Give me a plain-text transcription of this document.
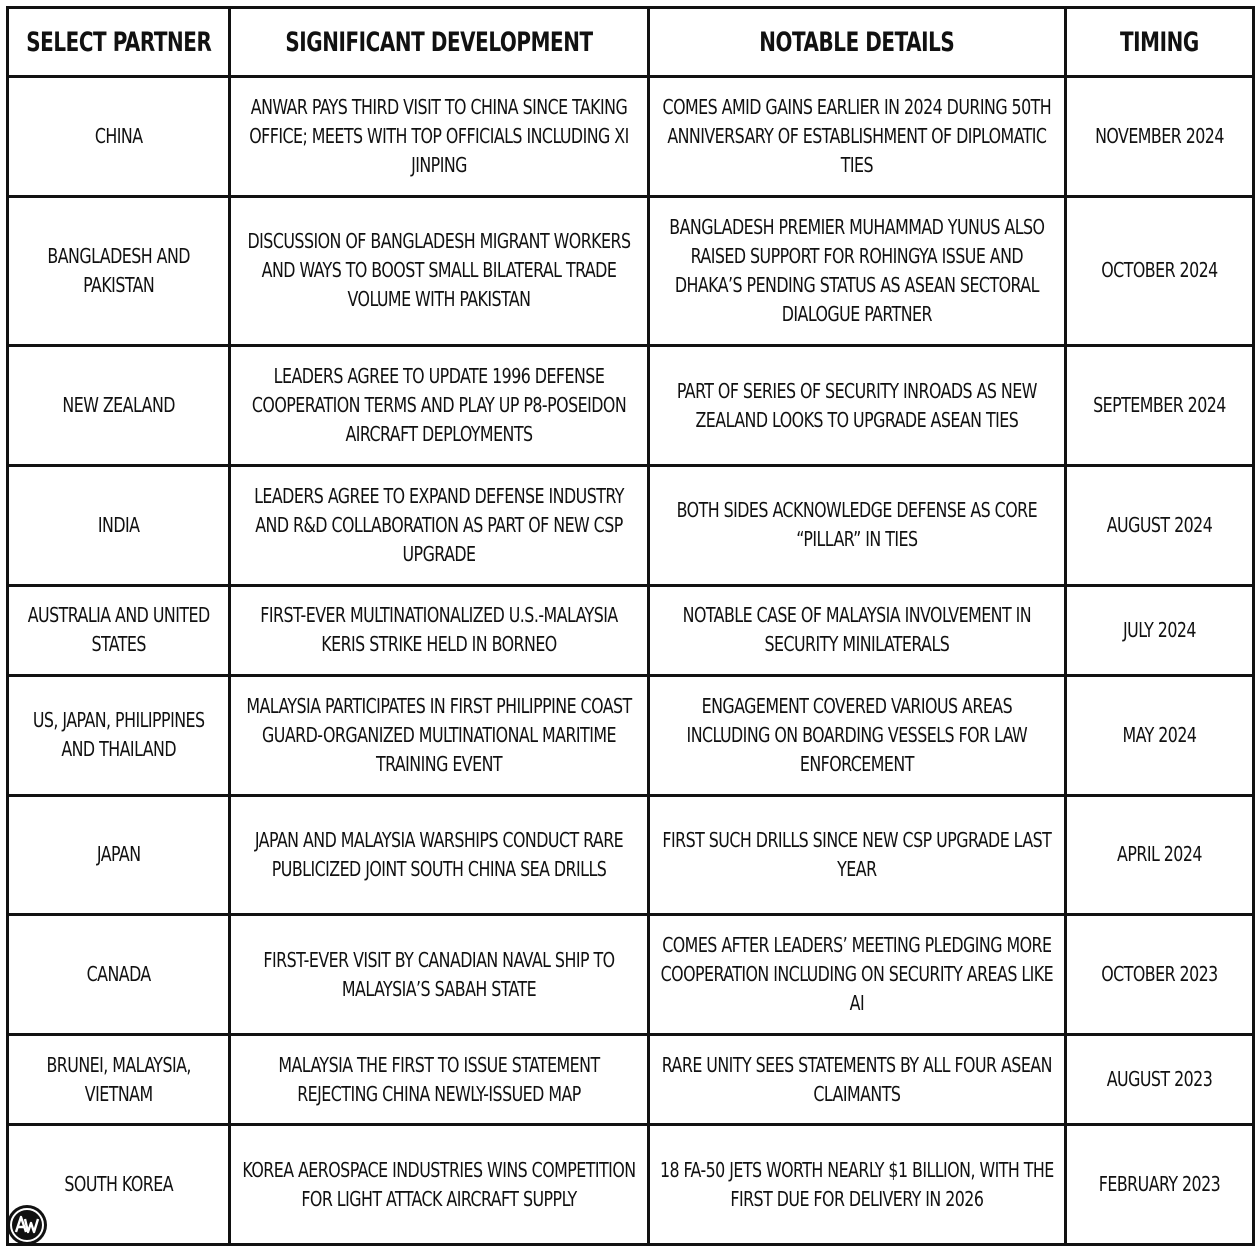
SELECT PARTNER	SIGNIFICANT DEVELOPMENT	NOTABLE DETAILS	TIMING
CHINA	ANWAR PAYS THIRD VISIT TO CHINA SINCE TAKING OFFICE; MEETS WITH TOP OFFICIALS INCLUDING XI JINPING	COMES AMID GAINS EARLIER IN 2024 DURING 50TH ANNIVERSARY OF ESTABLISHMENT OF DIPLOMATIC TIES	NOVEMBER 2024
BANGLADESH AND PAKISTAN	DISCUSSION OF BANGLADESH MIGRANT WORKERS AND WAYS TO BOOST SMALL BILATERAL TRADE VOLUME WITH PAKISTAN	BANGLADESH PREMIER MUHAMMAD YUNUS ALSO RAISED SUPPORT FOR ROHINGYA ISSUE AND DHAKA’S PENDING STATUS AS ASEAN SECTORAL DIALOGUE PARTNER	OCTOBER 2024
NEW ZEALAND	LEADERS AGREE TO UPDATE 1996 DEFENSE COOPERATION TERMS AND PLAY UP P8-POSEIDON AIRCRAFT DEPLOYMENTS	PART OF SERIES OF SECURITY INROADS AS NEW ZEALAND LOOKS TO UPGRADE ASEAN TIES	SEPTEMBER 2024
INDIA	LEADERS AGREE TO EXPAND DEFENSE INDUSTRY AND R&D COLLABORATION AS PART OF NEW CSP UPGRADE	BOTH SIDES ACKNOWLEDGE DEFENSE AS CORE “PILLAR” IN TIES	AUGUST 2024
AUSTRALIA AND UNITED STATES	FIRST-EVER MULTINATIONALIZED U.S.-MALAYSIA KERIS STRIKE HELD IN BORNEO	NOTABLE CASE OF MALAYSIA INVOLVEMENT IN SECURITY MINILATERALS	JULY 2024
US, JAPAN, PHILIPPINES AND THAILAND	MALAYSIA PARTICIPATES IN FIRST PHILIPPINE COAST GUARD-ORGANIZED MULTINATIONAL MARITIME TRAINING EVENT	ENGAGEMENT COVERED VARIOUS AREAS INCLUDING ON BOARDING VESSELS FOR LAW ENFORCEMENT	MAY 2024
JAPAN	JAPAN AND MALAYSIA WARSHIPS CONDUCT RARE PUBLICIZED JOINT SOUTH CHINA SEA DRILLS	FIRST SUCH DRILLS SINCE NEW CSP UPGRADE LAST YEAR	APRIL 2024
CANADA	FIRST-EVER VISIT BY CANADIAN NAVAL SHIP TO MALAYSIA’S SABAH STATE	COMES AFTER LEADERS’ MEETING PLEDGING MORE COOPERATION INCLUDING ON SECURITY AREAS LIKE AI	OCTOBER 2023
BRUNEI, MALAYSIA, VIETNAM	MALAYSIA THE FIRST TO ISSUE STATEMENT REJECTING CHINA NEWLY-ISSUED MAP	RARE UNITY SEES STATEMENTS BY ALL FOUR ASEAN CLAIMANTS	AUGUST 2023
SOUTH KOREA	KOREA AEROSPACE INDUSTRIES WINS COMPETITION FOR LIGHT ATTACK AIRCRAFT SUPPLY	18 FA-50 JETS WORTH NEARLY $1 BILLION, WITH THE FIRST DUE FOR DELIVERY IN 2026	FEBRUARY 2023
